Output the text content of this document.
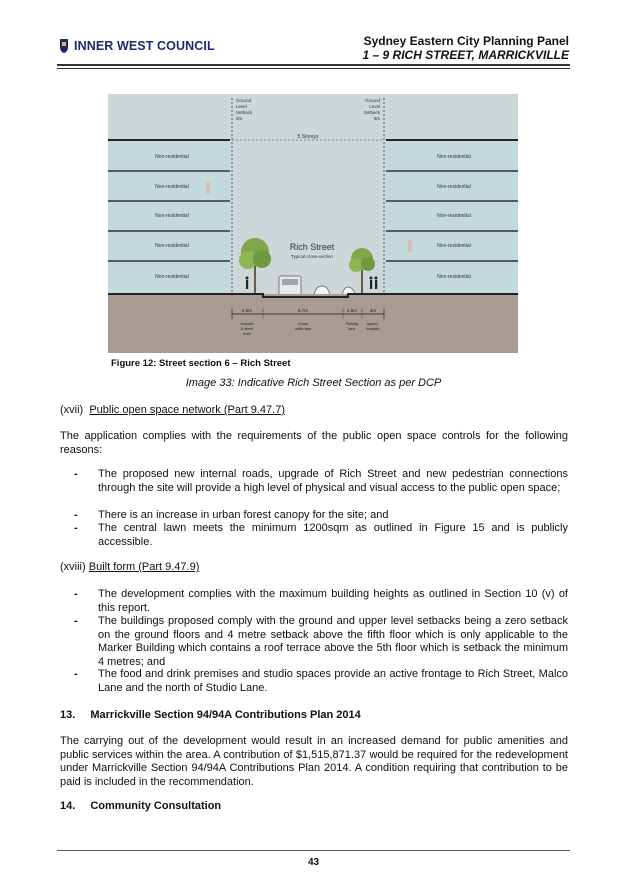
INNER WEST COUNCIL	Sydney Eastern City Planning Panel
1 – 9 RICH STREET, MARRICKVILLE
Non-residential
Non-residential
Non-residential
Non-residential
Non-residential
Non-residential
Non-residential
Non-residential
Non-residential
Non-residential
5 Storeys
Ground
Level
Setback
0m
Ground
Level
Setback
0m
Rich Street
Typical cross-section
4.5m	9.7m	2.5m	3m
footpath
& street
trees
2-way
traffic lane
Parking
lane
approx.
footpath
Figure 12: Street section 6 – Rich Street
Image 33: Indicative Rich Street Section as per DCP
(xvii) Public open space network (Part 9.47.7)
The application complies with the requirements of the public open space controls for the following reasons:
- The proposed new internal roads, upgrade of Rich Street and new pedestrian connections through the site will provide a high level of physical and visual access to the public open space;
- There is an increase in urban forest canopy for the site; and
- The central lawn meets the minimum 1200sqm as outlined in Figure 15 and is publicly accessible.
(xviii) Built form (Part 9.47.9)
- The development complies with the maximum building heights as outlined in Section 10 (v) of this report.
- The buildings proposed comply with the ground and upper level setbacks being a zero setback on the ground floors and 4 metre setback above the fifth floor which is only applicable to the Marker Building which contains a roof terrace above the 5th floor which is setback the minimum 4 metres; and
- The food and drink premises and studio spaces provide an active frontage to Rich Street, Malco Lane and the north of Studio Lane.
13. Marrickville Section 94/94A Contributions Plan 2014
The carrying out of the development would result in an increased demand for public amenities and public services within the area. A contribution of $1,515,871.37 would be required for the redevelopment under Marrickville Section 94/94A Contributions Plan 2014. A condition requiring that contribution to be paid is included in the recommendation.
14. Community Consultation
43
